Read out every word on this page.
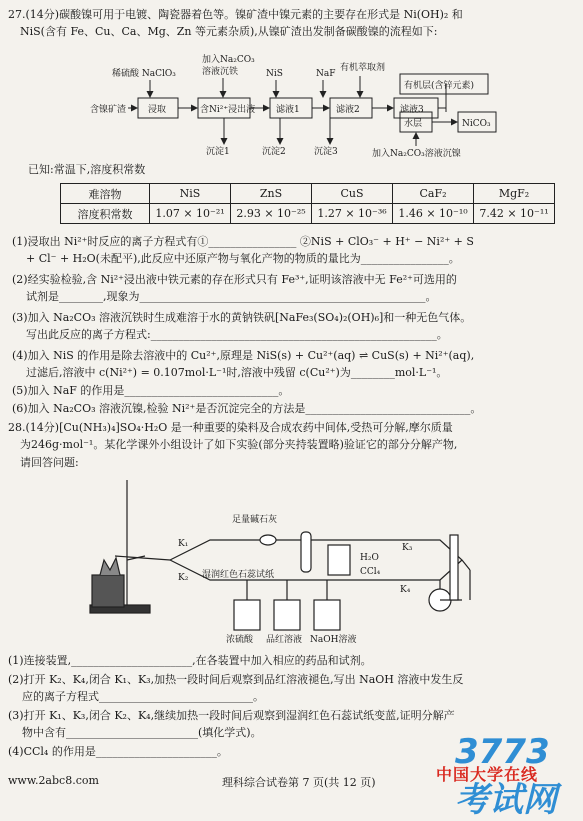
27.(14分)碳酸镍可用于电镀、陶瓷器着色等。镍矿渣中镍元素的主要存在形式是 Ni(OH)₂ 和
NiS(含有 Fe、Cu、Ca、Mg、Zn 等元素杂质),从镍矿渣出发制备碳酸镍的流程如下:
稀硫酸 NaClO₃
加入Na₂CO₃
溶液沉铁	NiS	NaF
有机萃取剂
含镍矿渣 浸取	含Ni²⁺浸出液 滤液1	滤液2	滤液3
有机层(含锌元素)
水层	NiCO₃
沉淀1	沉淀2	沉淀3	加入Na₂CO₃溶液沉镍
已知:常温下,溶度积常数
难溶物	NiS	ZnS	CuS	CaF₂	MgF₂
溶度积常数	1.07 × 10⁻²¹	2.93 × 10⁻²⁵	1.27 × 10⁻³⁶	1.46 × 10⁻¹⁰	7.42 × 10⁻¹¹
(1)浸取出 Ni²⁺时反应的离子方程式有①________________ ②NiS + ClO₃⁻ + H⁺ − Ni²⁺ + S
+ Cl⁻ + H₂O(未配平),此反应中还原产物与氧化产物的物质的量比为________________。
(2)经实验检验,含 Ni²⁺浸出液中铁元素的存在形式只有 Fe³⁺,证明该溶液中无 Fe²⁺可选用的
试剂是________,现象为____________________________________________________。
(3)加入 Na₂CO₃ 溶液沉铁时生成难溶于水的黄钠铁矾[NaFe₃(SO₄)₂(OH)₆]和一种无色气体。
写出此反应的离子方程式:____________________________________________________。
(4)加入 NiS 的作用是除去溶液中的 Cu²⁺,原理是 NiS(s) + Cu²⁺(aq) ⇌ CuS(s) + Ni²⁺(aq),
过滤后,溶液中 c(Ni²⁺) = 0.107mol·L⁻¹时,溶液中残留 c(Cu²⁺)为________mol·L⁻¹。
(5)加入 NaF 的作用是____________________________。
(6)加入 Na₂CO₃ 溶液沉镍,检验 Ni²⁺是否沉淀完全的方法是______________________________。
28.(14分)[Cu(NH₃)₄]SO₄·H₂O 是一种重要的染料及合成农药中间体,受热可分解,摩尔质量
为246g·mol⁻¹。某化学课外小组设计了如下实验(部分夹持装置略)验证它的部分分解产物,
请回答问题:
足量碱石灰
K₁
K₂
K₃
K₄
湿润红色石蕊试纸
H₂O
CCl₄
浓硫酸 品红溶液 NaOH溶液
(1)连接装置,______________________,在各装置中加入相应的药品和试剂。
(2)打开 K₂、K₄,闭合 K₁、K₃,加热一段时间后观察到品红溶液褪色,写出 NaOH 溶液中发生反
应的离子方程式____________________________。
(3)打开 K₁、K₃,闭合 K₂、K₄,继续加热一段时间后观察到湿润红色石蕊试纸变蓝,证明分解产
物中含有________________________(填化学式)。
(4)CCl₄ 的作用是______________________。
www.2abc8.com	理科综合试卷第 7 页(共 12 页)
3773考试网
中国大学在线
